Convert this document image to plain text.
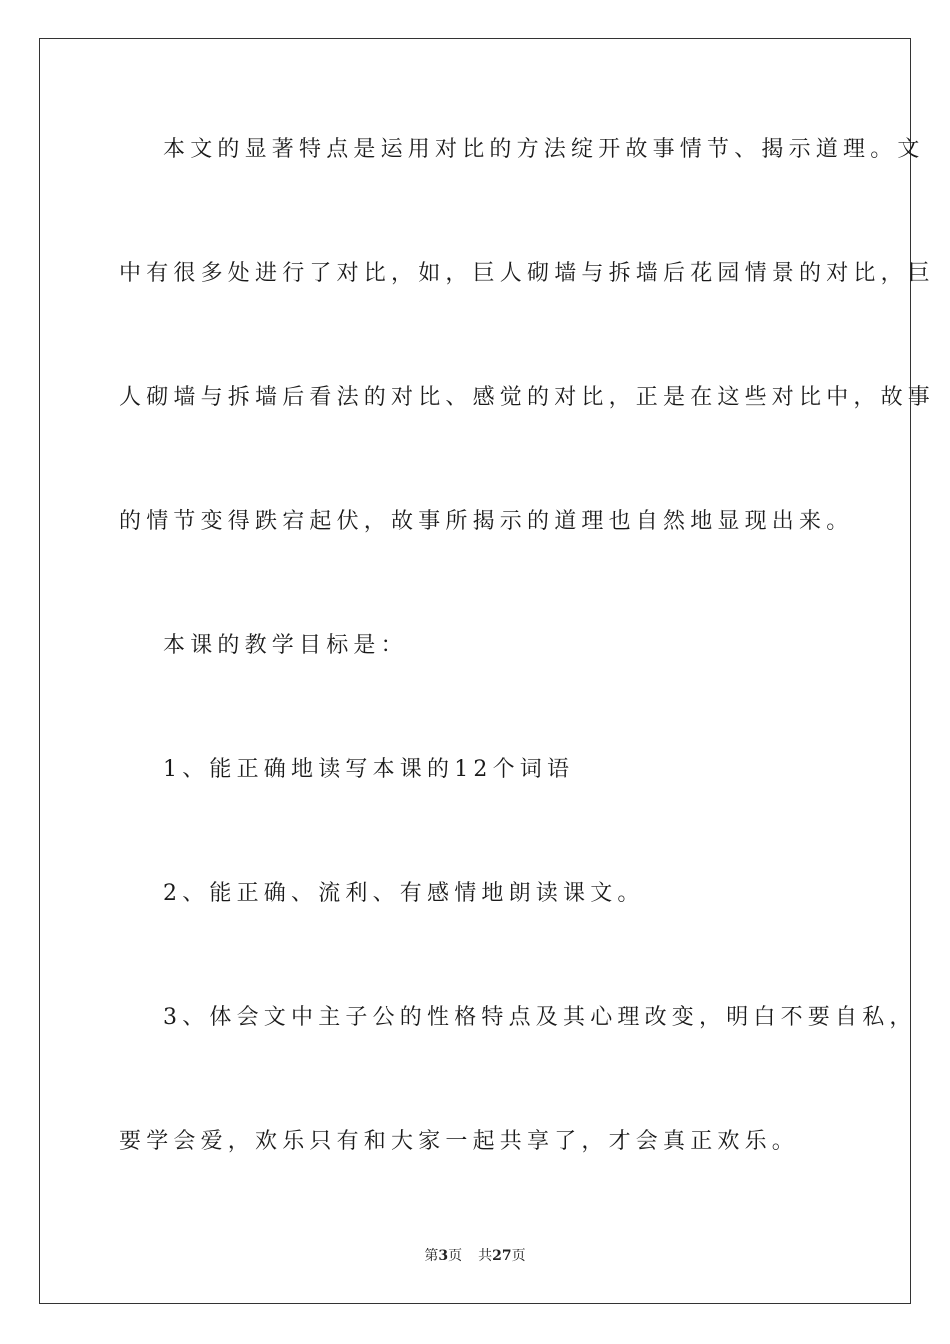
本文的显著特点是运用对比的方法绽开故事情节、揭示道理。文
中有很多处进行了对比，如，巨人砌墙与拆墙后花园情景的对比，巨
人砌墙与拆墙后看法的对比、感觉的对比，正是在这些对比中，故事
的情节变得跌宕起伏，故事所揭示的道理也自然地显现出来。
本课的教学目标是：
1、能正确地读写本课的12个词语
2、能正确、流利、有感情地朗读课文。
3、体会文中主子公的性格特点及其心理改变，明白不要自私，
要学会爱，欢乐只有和大家一起共享了，才会真正欢乐。
第3页 共27页
